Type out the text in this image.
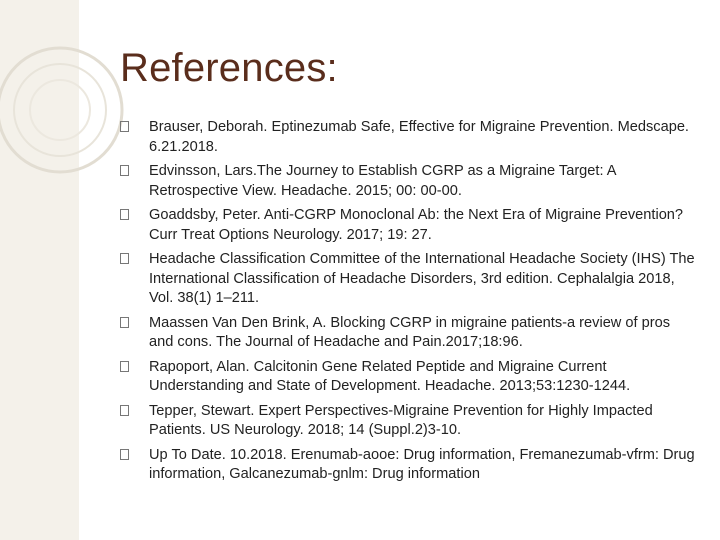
References:
Brauser, Deborah. Eptinezumab Safe, Effective for Migraine Prevention. Medscape. 6.21.2018.
Edvinsson, Lars.The Journey to Establish CGRP as a Migraine Target: A Retrospective View. Headache. 2015; 00: 00-00.
Goaddsby, Peter. Anti-CGRP Monoclonal Ab: the Next Era of Migraine Prevention? Curr Treat Options Neurology. 2017; 19: 27.
Headache Classification Committee of the International Headache Society (IHS) The International Classification of Headache Disorders, 3rd edition. Cephalalgia 2018, Vol. 38(1) 1–211.
Maassen Van Den Brink, A. Blocking CGRP in migraine patients-a review of pros and cons. The Journal of Headache and Pain.2017;18:96.
Rapoport, Alan. Calcitonin Gene Related Peptide and Migraine Current Understanding and State of Development. Headache. 2013;53:1230-1244.
Tepper, Stewart. Expert Perspectives-Migraine Prevention for Highly Impacted Patients. US Neurology. 2018; 14 (Suppl.2)3-10.
Up To Date. 10.2018. Erenumab-aooe: Drug information, Fremanezumab-vfrm: Drug information, Galcanezumab-gnlm: Drug information
